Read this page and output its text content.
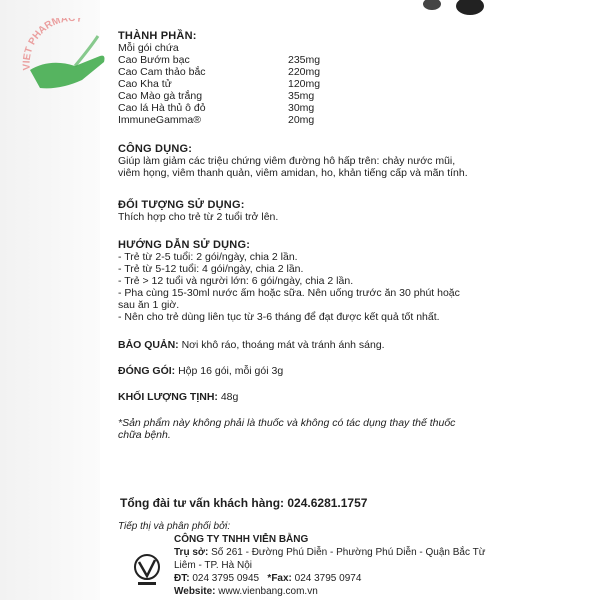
VIET PHARMACY
THÀNH PHẦN:
Mỗi gói chứa
Cao Bướm bạc	235mg
Cao Cam thảo bắc	220mg
Cao Kha tử	120mg
Cao Mào gà trắng	35mg
Cao lá Hà thủ ô đỏ	30mg
ImmuneGamma®	20mg
CÔNG DỤNG:
Giúp làm giảm các triệu chứng viêm đường hô hấp trên: chảy nước mũi, viêm họng, viêm thanh quản, viêm amidan, ho, khản tiếng cấp và mãn tính.
ĐỐI TƯỢNG SỬ DỤNG:
Thích hợp cho trẻ từ 2 tuổi trở lên.
HƯỚNG DẪN SỬ DỤNG:
- Trẻ từ 2-5 tuổi: 2 gói/ngày, chia 2 lần.
- Trẻ từ 5-12 tuổi: 4 gói/ngày, chia 2 lần.
- Trẻ > 12 tuổi và người lớn: 6 gói/ngày, chia 2 lần.
- Pha cùng 15-30ml nước ấm hoặc sữa. Nên uống trước ăn 30 phút hoặc sau ăn 1 giờ.
- Nên cho trẻ dùng liên tục từ 3-6 tháng để đạt được kết quả tốt nhất.
BẢO QUẢN: Nơi khô ráo, thoáng mát và tránh ánh sáng.
ĐÓNG GÓI: Hộp 16 gói, mỗi gói 3g
KHỐI LƯỢNG TỊNH: 48g
*Sản phẩm này không phải là thuốc và không có tác dụng thay thế thuốc chữa bệnh.
Tổng đài tư vấn khách hàng: 024.6281.1757
Tiếp thị và phân phối bởi:
CÔNG TY TNHH VIỄN BẰNG
Trụ sở: Số 261 - Đường Phú Diễn - Phường Phú Diễn - Quận Bắc Từ Liêm - TP. Hà Nội
ĐT: 024 3795 0945 *Fax: 024 3795 0974
Website: www.vienbang.com.vn
